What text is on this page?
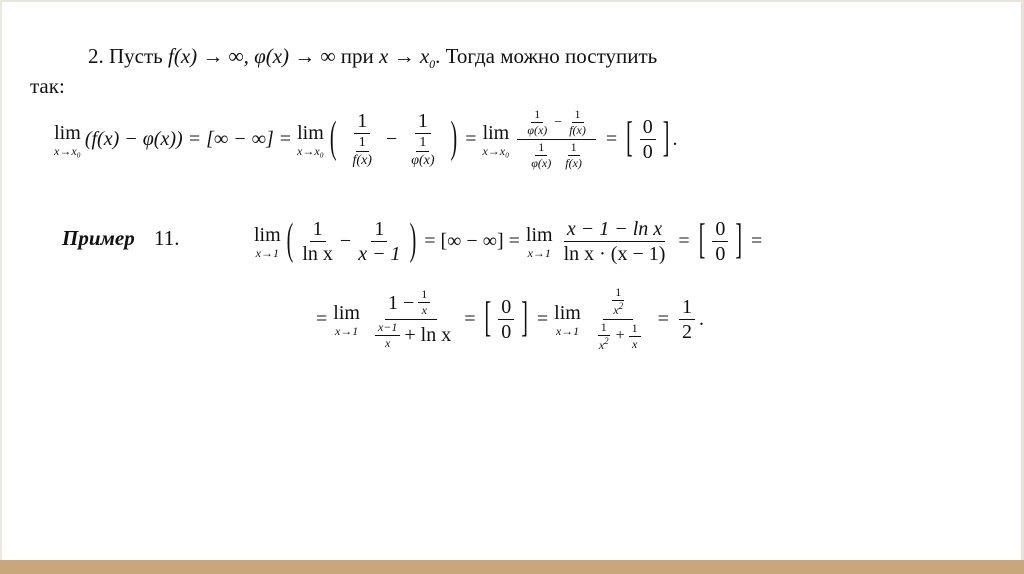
2. Пусть f(x) → ∞, φ(x) → ∞ при $x \to x_0$. Тогда можно поступить
так:
lim
x→x₀
(f(x) − φ(x)) = [∞ − ∞] = lim
x→x₀ ( $\frac{1}{\frac{1}{f(x)}} - \frac{1}{\frac{1}{\varphi(x)}}$ ) = lim
$x\to x_0 \frac{\frac{1}{\varphi(x)} - \frac{1}{f(x)}}{\frac{1}{\varphi(x)} \frac{1}{f(x)}}$ = [ $\frac{0}{0}$ ] .
Пример 11.	lim
x→1 ( $\frac{1}{\text{ln x}} - \frac{1}{x - 1}$ ) = [∞ − ∞] = lim
$x\to 1 \frac{\text{x − 1 − ln x}}{\text{ln x · (x − 1)}}$ = [ $\frac{0}{0}$ ] =
= lim
$x\to 1 \frac{1 - \frac{1}{x}}{\frac{x-1}{x} + \ln x}$ = [ $\frac{0}{0}$ ] = lim
$x\to 1 \frac{\frac{1}{x^2}}{\frac{1}{x^2} + \frac{1}{x}} = \frac{1}{2}$ .
